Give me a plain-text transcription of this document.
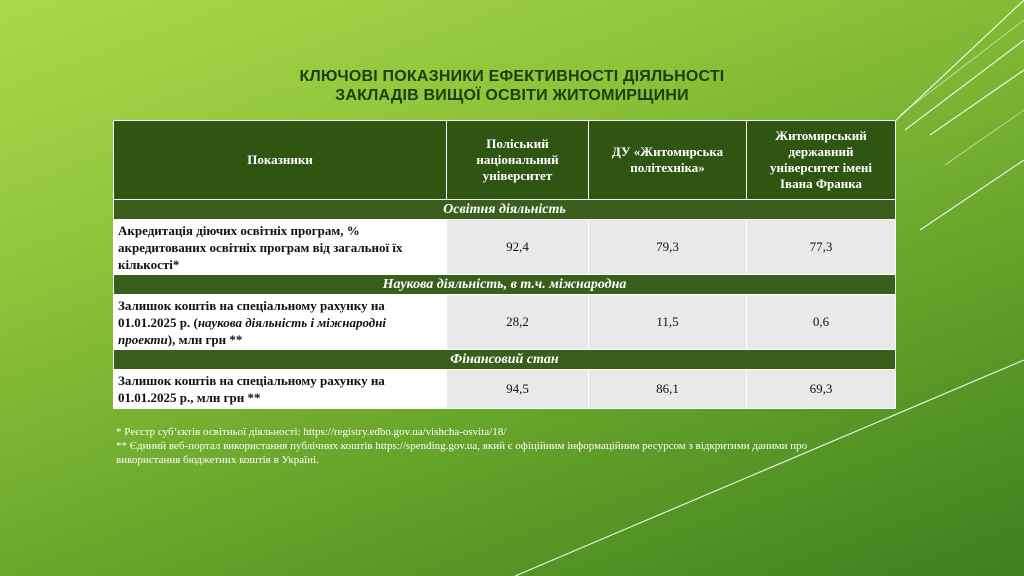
КЛЮЧОВІ ПОКАЗНИКИ ЕФЕКТИВНОСТІ ДІЯЛЬНОСТІ
ЗАКЛАДІВ ВИЩОЇ ОСВІТИ ЖИТОМИРЩИНИ
Показники	Поліський національний університет	ДУ «Житомирська політехніка»	Житомирський державний університет імені Івана Франка
Освітня діяльність			
Акредитація діючих освітніх програм, % акредитованих освітніх програм від загальної їх кількості*	92,4	79,3	77,3
Наукова діяльність, в т.ч. міжнародна			
Залишок коштів на спеціальному рахунку на 01.01.2025 р. (наукова діяльність і міжнародні проекти), млн грн **	28,2	11,5	0,6
Фінансовий стан			
Залишок коштів на спеціальному рахунку на 01.01.2025 р., млн грн **	94,5	86,1	69,3
* Реєстр суб’єктів освітньої діяльності: https://registry.edbo.gov.ua/vishcha-osvita/18/
** Єдиний веб-портал використання публічних коштів https://spending.gov.ua, який є офіційним інформаційним ресурсом з відкритими даними про використання бюджетних коштів в Україні.
